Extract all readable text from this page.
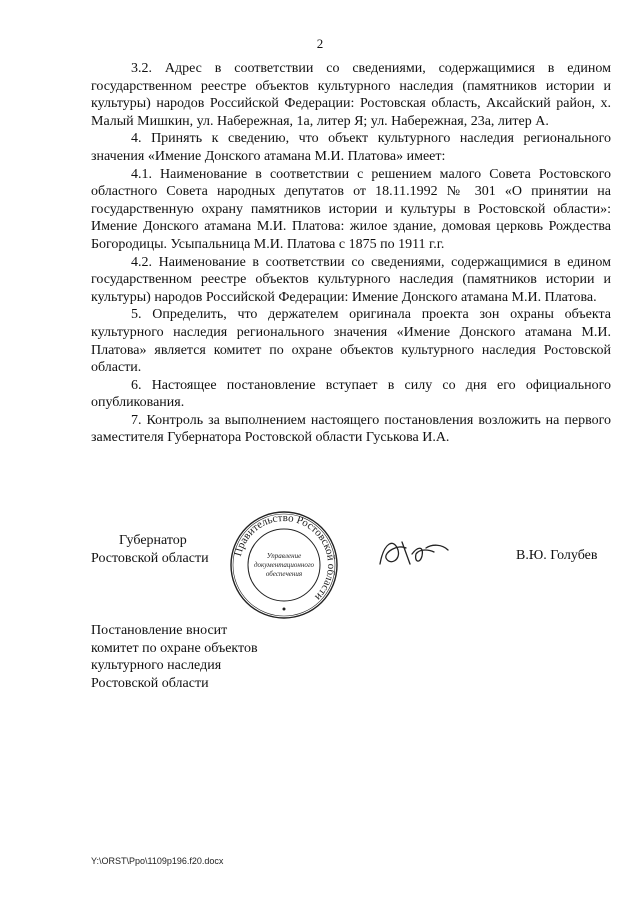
2

3.2. Адрес в соответствии со сведениями, содержащимися в едином государственном реестре объектов культурного наследия (памятников истории и культуры) народов Российской Федерации: Ростовская область, Аксайский район, х. Малый Мишкин, ул. Набережная, 1а, литер Я; ул. Набережная, 23а, литер А.

4. Принять к сведению, что объект культурного наследия регионального значения «Имение Донского атамана М.И. Платова» имеет:

4.1. Наименование в соответствии с решением малого Совета Ростовского областного Совета народных депутатов от 18.11.1992 № 301 «О принятии на государственную охрану памятников истории и культуры в Ростовской области»: Имение Донского атамана М.И. Платова: жилое здание, домовая церковь Рождества Богородицы. Усыпальница М.И. Платова с 1875 по 1911 г.г.

4.2. Наименование в соответствии со сведениями, содержащимися в едином государственном реестре объектов культурного наследия (памятников истории и культуры) народов Российской Федерации: Имение Донского атамана М.И. Платова.

5. Определить, что держателем оригинала проекта зон охраны объекта культурного наследия регионального значения «Имение Донского атамана М.И. Платова» является комитет по охране объектов культурного наследия Ростовской области.

6. Настоящее постановление вступает в силу со дня его официального опубликования.

7. Контроль за выполнением настоящего постановления возложить на первого заместителя Губернатора Ростовской области Гуськова И.А.

Губернатор
Ростовской области Правительство Ростовской области
Управление
документационного
обеспечения
В.Ю. Голубев
Постановление вносит
комитет по охране объектов
культурного наследия
Ростовской области
Y:\ORST\Ppo\1109p196.f20.docx
